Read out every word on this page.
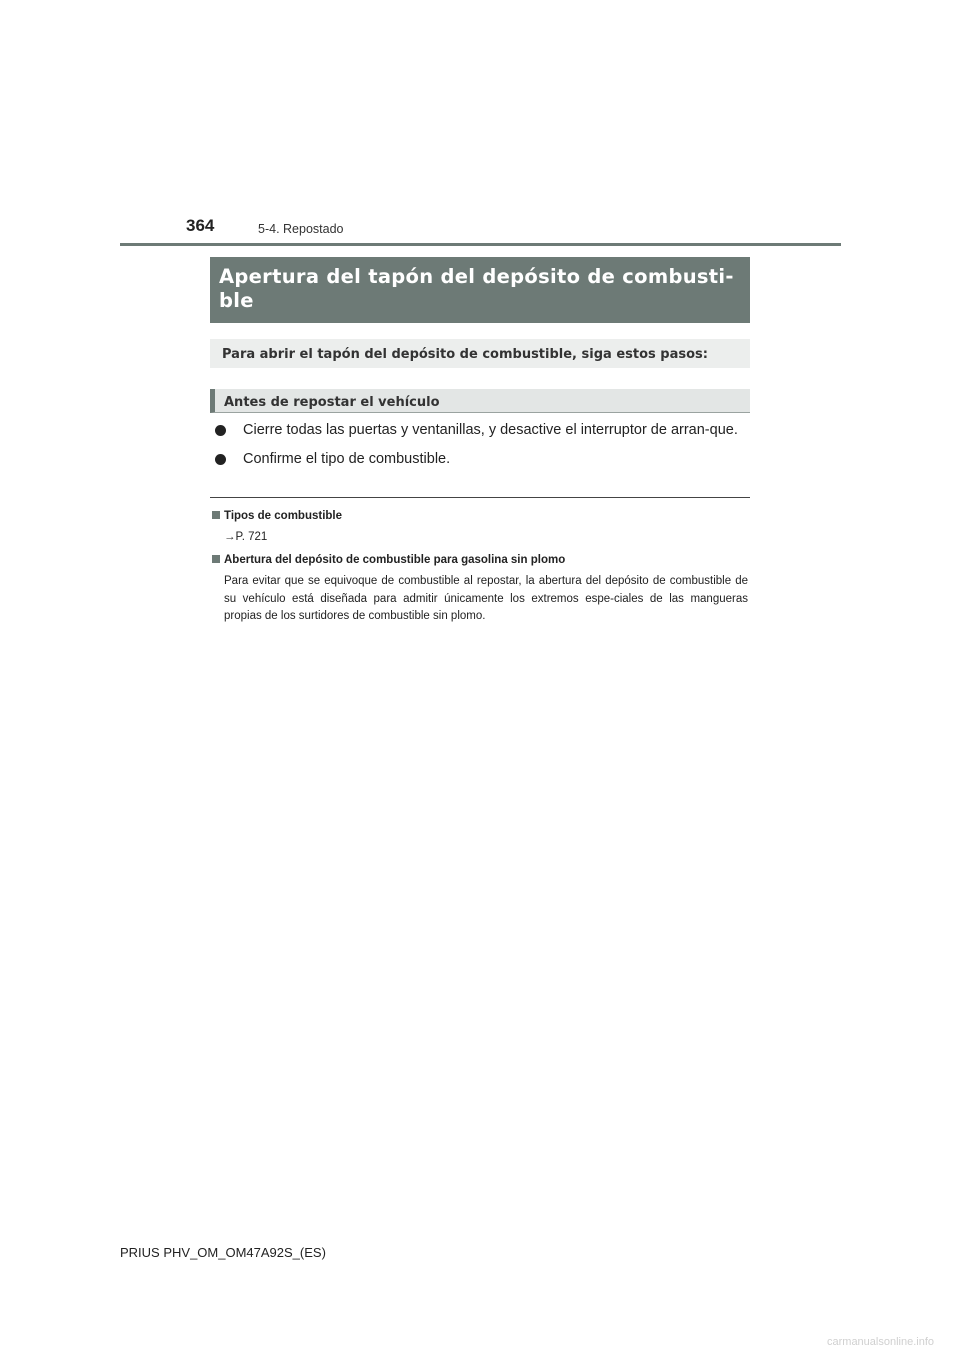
364	5-4. Repostado
Apertura del tapón del depósito de combusti-
ble
Para abrir el tapón del depósito de combustible, siga estos pasos:
Antes de repostar el vehículo
Cierre todas las puertas y ventanillas, y desactive el interruptor de arran-que.
Confirme el tipo de combustible.
Tipos de combustible
→P. 721
Abertura del depósito de combustible para gasolina sin plomo
Para evitar que se equivoque de combustible al repostar, la abertura del depósito de combustible de su vehículo está diseñada para admitir únicamente los extremos espe-ciales de las mangueras propias de los surtidores de combustible sin plomo.
PRIUS PHV_OM_OM47A92S_(ES)
carmanualsonline.info
